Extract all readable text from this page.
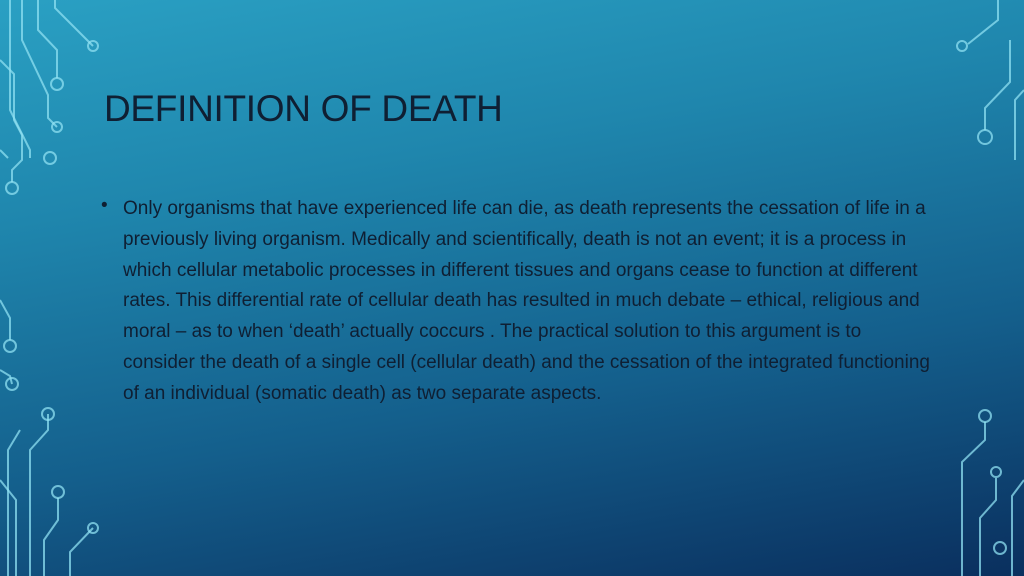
DEFINITION OF DEATH
• Only organisms that have experienced life can die, as death represents the cessation of life in a previously living organism. Medically and scientifically, death is not an event; it is a process in which cellular metabolic processes in different tissues and organs cease to function at different rates. This differential rate of cellular death has resulted in much debate – ethical, religious and moral – as to when ‘death’ actually coccurs . The practical solution to this argument is to consider the death of a single cell (cellular death) and the cessation of the integrated functioning of an individual (somatic death) as two separate aspects.
